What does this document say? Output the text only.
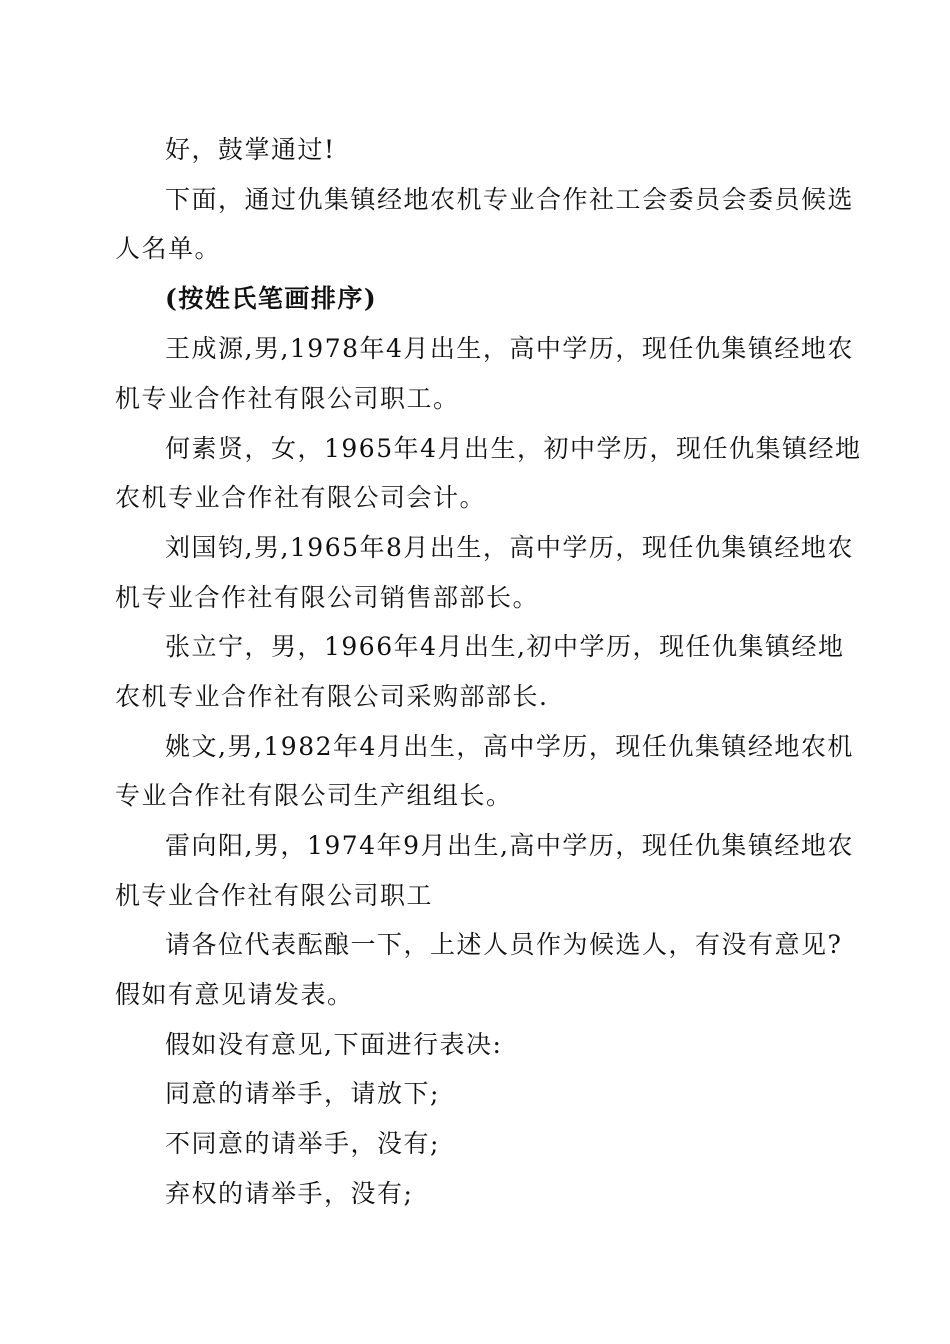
好，鼓掌通过!
下面，通过仇集镇经地农机专业合作社工会委员会委员候选
人名单。
(按姓氏笔画排序)
王成源,男,1978年4月出生，高中学历，现任仇集镇经地农
机专业合作社有限公司职工。
何素贤，女，1965年4月出生，初中学历，现任仇集镇经地
农机专业合作社有限公司会计。
刘国钧,男,1965年8月出生，高中学历，现任仇集镇经地农
机专业合作社有限公司销售部部长。
张立宁，男，1966年4月出生,初中学历，现任仇集镇经地
农机专业合作社有限公司采购部部长.
姚文,男,1982年4月出生，高中学历，现任仇集镇经地农机
专业合作社有限公司生产组组长。
雷向阳,男，1974年9月出生,高中学历，现任仇集镇经地农
机专业合作社有限公司职工
请各位代表酝酿一下，上述人员作为候选人，有没有意见?
假如有意见请发表。
假如没有意见,下面进行表决:
同意的请举手，请放下;
不同意的请举手，没有;
弃权的请举手，没有;
